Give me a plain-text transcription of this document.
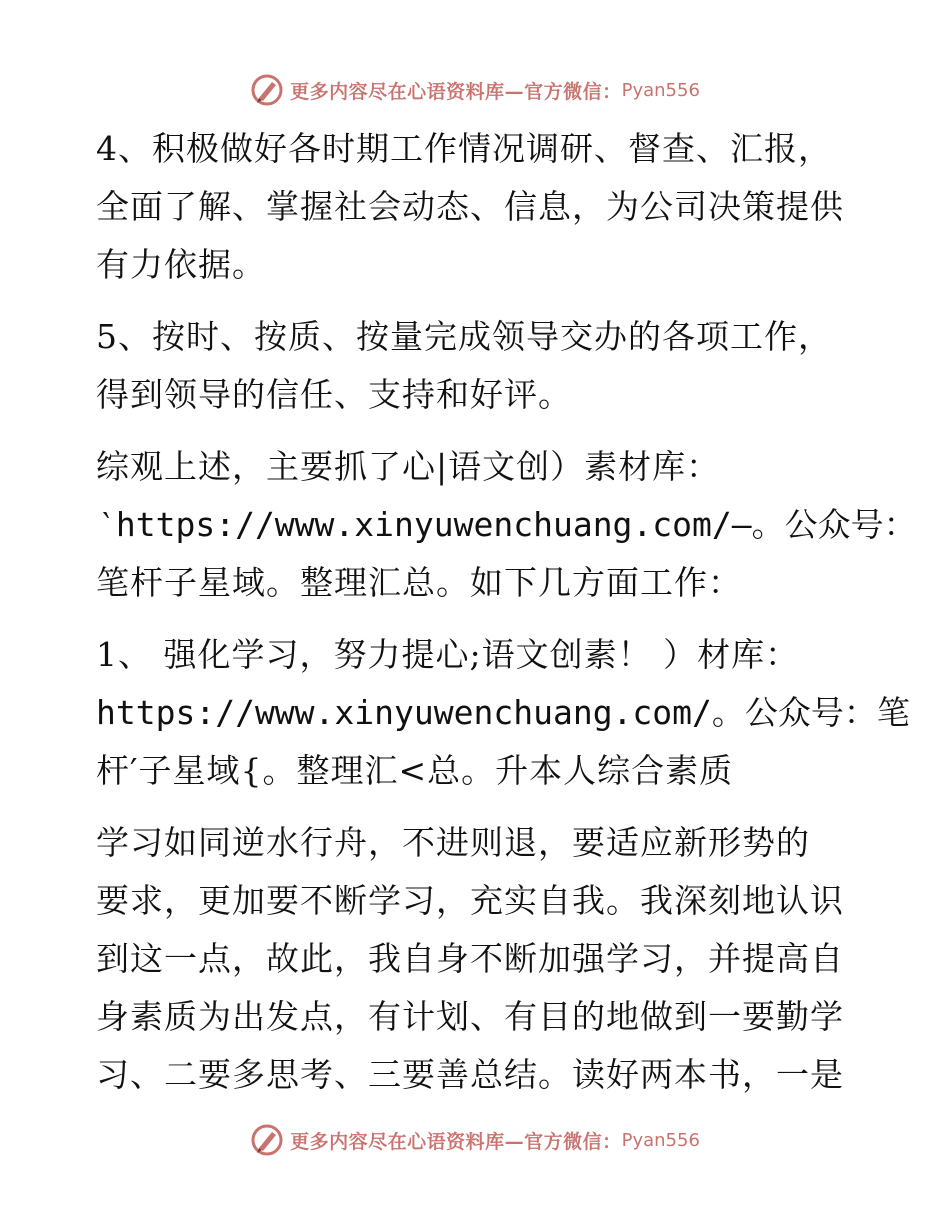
更多内容尽在心语资料库—官方微信： Pyan556
4、积极做好各时期工作情况调研、督查、汇报，
全面了解、掌握社会动态、信息，为公司决策提供
有力依据。
5、按时、按质、按量完成领导交办的各项工作，
得到领导的信任、支持和好评。
综观上述，主要抓了心|语文创）素材库：
‵https://www.xinyuwenchuang.com/—。公众号：
笔杆子星域。整理汇总。如下几方面工作：
1、 强化学习，努力提心;语文创素！ ）材库：
https://www.xinyuwenchuang.com/。公众号：笔
杆′子星域{。整理汇<总。升本人综合素质
学习如同逆水行舟，不进则退，要适应新形势的
要求，更加要不断学习，充实自我。我深刻地认识
到这一点，故此，我自身不断加强学习，并提高自
身素质为出发点，有计划、有目的地做到一要勤学
习、二要多思考、三要善总结。读好两本书，一是
更多内容尽在心语资料库—官方微信： Pyan556
